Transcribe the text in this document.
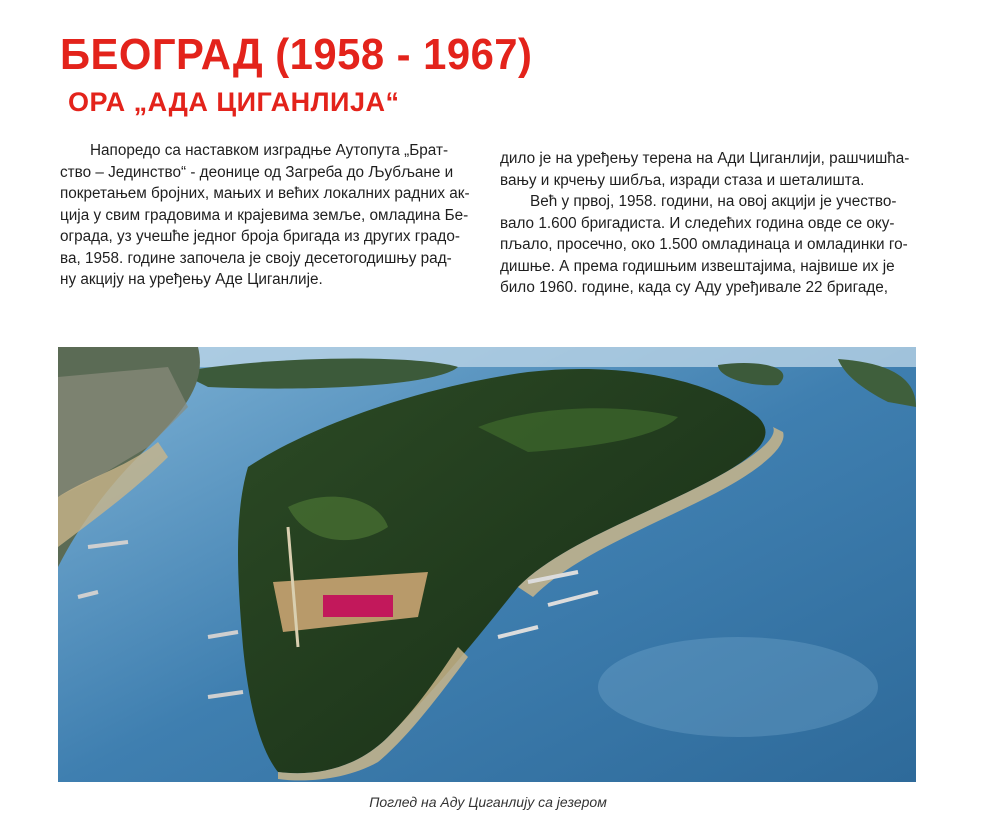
БЕОГРАД (1958 - 1967)
ОРА „АДА ЦИГАНЛИЈА“
Напоредо са наставком изградње Аутопута „Брат-
ство – Јединство“ - деонице од Загреба до Љубљане и
покретањем бројних, мањих и већих локалних радних ак-
ција у свим градовима и крајевима земље, омладина Бе-
ограда, уз учешће једног броја бригада из других градо-
ва, 1958. године започела је своју десетогодишњу рад-
ну акцију на уређењу Аде Циганлије.
дило је на уређењу терена на Ади Циганлији, рашчишћа-
вању и крчењу шибља, изради стаза и шеталишта.
Већ у првој, 1958. години, на овој акцији је учество-
вало 1.600 бригадиста. И следећих година овде се оку-
пљало, просечно, око 1.500 омладинаца и омладинки го-
дишње. А према годишњим извештајима, највише их је
било 1960. године, када су Аду уређивале 22 бригаде,
Поглед на Аду Циганлију са језером
